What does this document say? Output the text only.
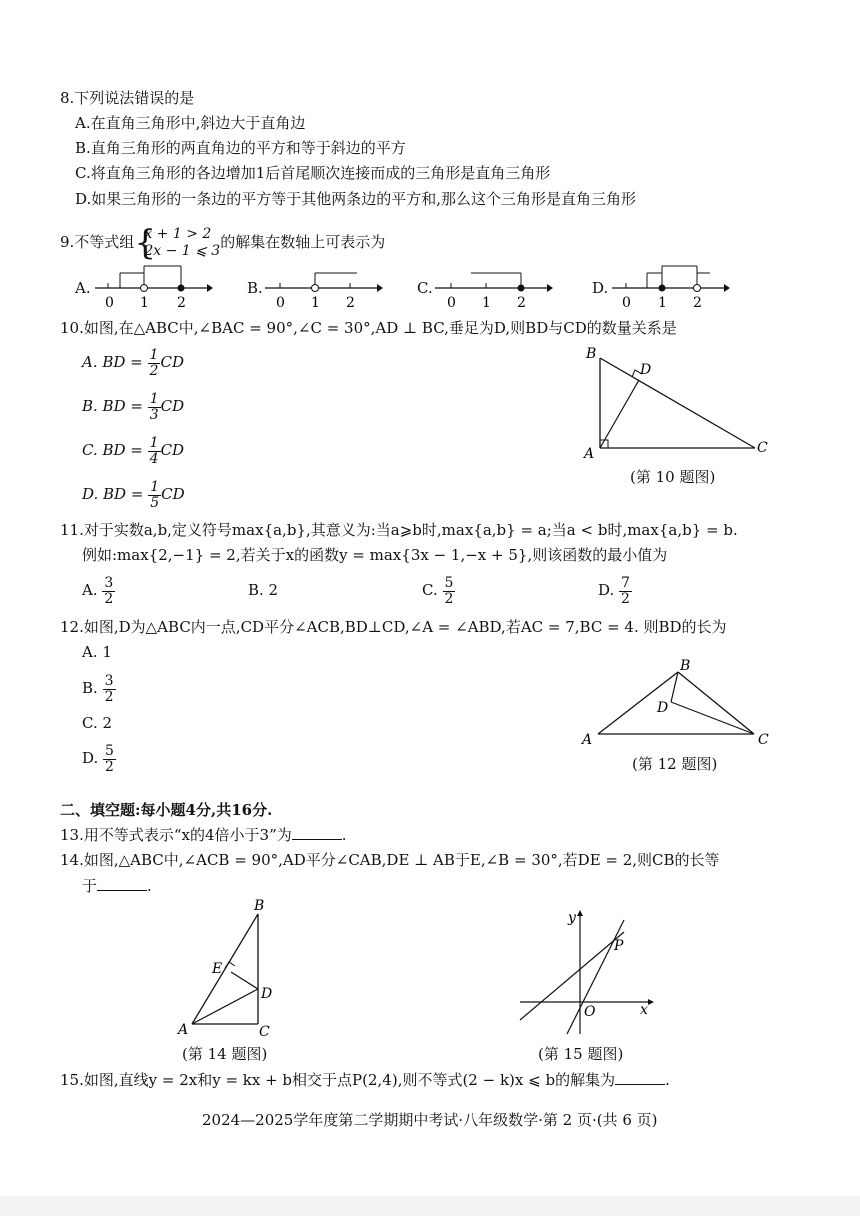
8.下列说法错误的是
A.在直角三角形中,斜边大于直角边
B.直角三角形的两直角边的平方和等于斜边的平方
C.将直角三角形的各边增加1后首尾顺次连接而成的三角形是直角三角形
D.如果三角形的一条边的平方等于其他两条边的平方和,那么这个三角形是直角三角形
9.不等式组 {
x + 1 > 2
2x − 1 ⩽ 3 的解集在数轴上可表示为
A.
0 1 2
B.
0 1 2
C.
0 1 2
D.
0 1 2
10.如图,在△ABC中,∠BAC = 90°,∠C = 30°,AD ⊥ BC,垂足为D,则BD与CD的数量关系是
A. BD = $\frac{1}{2}$ CD
B. BD = $\frac{1}{3}$ CD
C. BD = $\frac{1}{4}$ CD
D. BD = $\frac{1}{5}$ CD
B
D
A	C
(第 10 题图)
11.对于实数a,b,定义符号max{a,b},其意义为:当a⩾b时,max{a,b} = a;当a < b时,max{a,b} = b.
例如:max{2,−1} = 2,若关于x的函数y = max{3x − 1,−x + 5},则该函数的最小值为
A. $\frac{3}{2}$	B. 2	C. $\frac{5}{2}$	D. $\frac{7}{2}$
12.如图,D为△ABC内一点,CD平分∠ACB,BD⊥CD,∠A = ∠ABD,若AC = 7,BC = 4. 则BD的长为
A. 1
B. $\frac{3}{2}$
C. 2
D. $\frac{5}{2}$
B
D
A	C
(第 12 题图)
二、填空题:每小题4分,共16分.
13.用不等式表示“x的4倍小于3”为	.
14.如图,△ABC中,∠ACB = 90°,AD平分∠CAB,DE ⊥ AB于E,∠B = 30°,若DE = 2,则CB的长等
于	.
B
E
D
A	C
(第 14 题图)
y
x
O
P
(第 15 题图)
15.如图,直线y = 2x和y = kx + b相交于点P(2,4),则不等式(2 − k)x ⩽ b的解集为	.
2024—2025学年度第二学期期中考试·八年级数学·第 2 页·(共 6 页)
